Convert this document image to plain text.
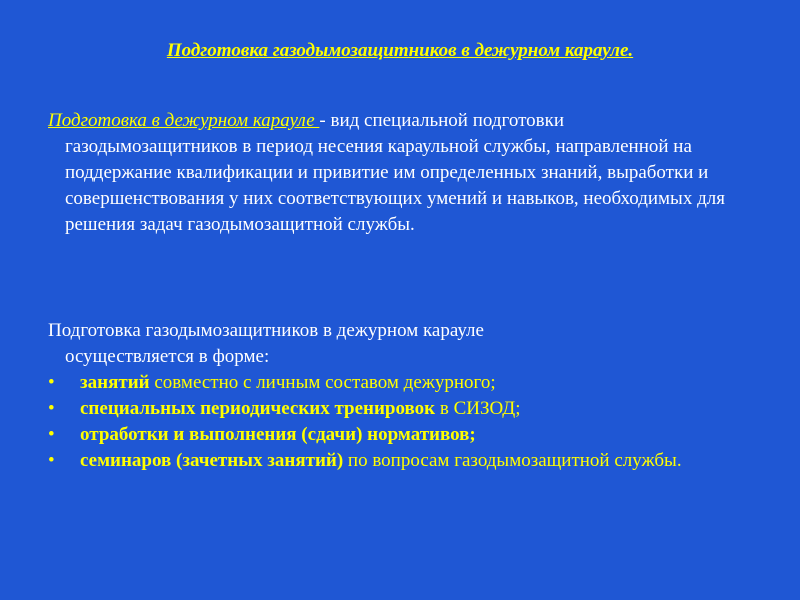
Подготовка газодымозащитников в дежурном карауле.

Подготовка в дежурном карауле - вид специальной подготовки
газодымозащитников в период несения караульной службы, направленной на поддержание квалификации и привитие им определенных знаний, выработки и совершенствования у них соответствующих умений и навыков, необходимых для решения задач газодымозащитной службы.

Подготовка газодымозащитников в дежурном карауле
осуществляется в форме:

• занятий совместно с личным составом дежурного;
• специальных периодических тренировок в СИЗОД;
• отработки и выполнения (сдачи) нормативов;
• семинаров (зачетных занятий) по вопросам газодымозащитной службы.
